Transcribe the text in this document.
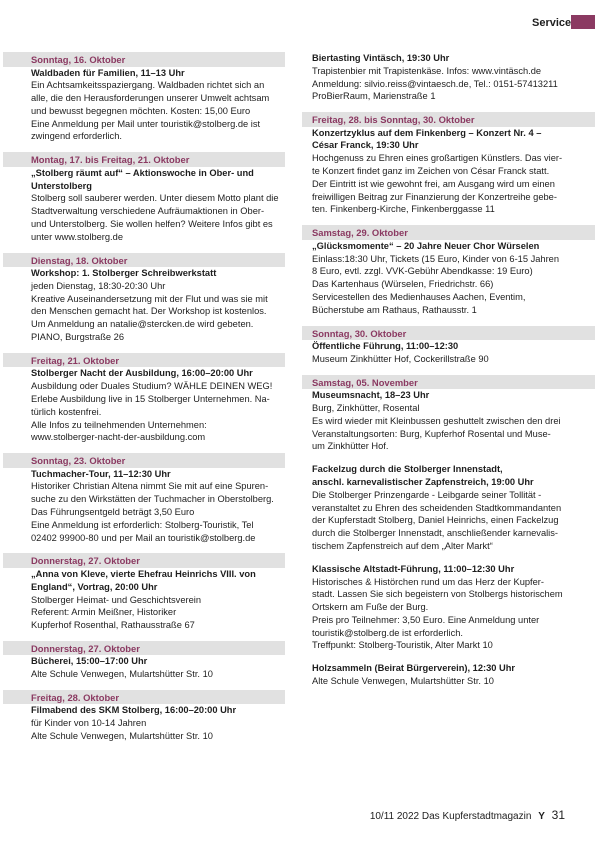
Service
Sonntag, 16. Oktober
Waldbaden für Familien, 11–13 Uhr
Ein Achtsamkeitsspaziergang. Waldbaden richtet sich an
alle, die den Herausforderungen unserer Umwelt achtsam
und bewusst begegnen möchten. Kosten: 15,00 Euro
Eine Anmeldung per Mail unter touristik@stolberg.de ist
zwingend erforderlich.
Montag, 17. bis Freitag, 21. Oktober
„Stolberg räumt auf“ – Aktionswoche in Ober- und
Unterstolberg
Stolberg soll sauberer werden. Unter diesem Motto plant die
Stadtverwaltung verschiedene Aufräumaktionen in Ober-
und Unterstolberg. Sie wollen helfen? Weitere Infos gibt es
unter www.stolberg.de
Dienstag, 18. Oktober
Workshop: 1. Stolberger Schreibwerkstatt
jeden Dienstag, 18:30-20:30 Uhr
Kreative Auseinandersetzung mit der Flut und was sie mit
den Menschen gemacht hat. Der Workshop ist kostenlos.
Um Anmeldung an natalie@stercken.de wird gebeten.
PIANO, Burgstraße 26
Freitag, 21. Oktober
Stolberger Nacht der Ausbildung, 16:00–20:00 Uhr
Ausbildung oder Duales Studium? WÄHLE DEINEN WEG!
Erlebe Ausbildung live in 15 Stolberger Unternehmen. Na-
türlich kostenfrei.
Alle Infos zu teilnehmenden Unternehmen:
www.stolberger-nacht-der-ausbildung.com
Sonntag, 23. Oktober
Tuchmacher-Tour, 11–12:30 Uhr
Historiker Christian Altena nimmt Sie mit auf eine Spuren-
suche zu den Wirkstätten der Tuchmacher in Oberstolberg.
Das Führungsentgeld beträgt 3,50 Euro
Eine Anmeldung ist erforderlich: Stolberg-Touristik, Tel
02402 99900-80 und per Mail an touristik@stolberg.de
Donnerstag, 27. Oktober
„Anna von Kleve, vierte Ehefrau Heinrichs VIII. von
England“, Vortrag, 20:00 Uhr
Stolberger Heimat- und Geschichtsverein
Referent: Armin Meißner, Historiker
Kupferhof Rosenthal, Rathausstraße 67
Donnerstag, 27. Oktober
Bücherei, 15:00–17:00 Uhr
Alte Schule Venwegen, Mulartshütter Str. 10
Freitag, 28. Oktober
Filmabend des SKM Stolberg, 16:00–20:00 Uhr
für Kinder von 10-14 Jahren
Alte Schule Venwegen, Mulartshütter Str. 10
Biertasting Vintäsch, 19:30 Uhr
Trapistenbier mit Trapistenkäse. Infos: www.vintäsch.de
Anmeldung: silvio.reiss@vintaesch.de, Tel.: 0151-57413211
ProBierRaum, Marienstraße 1
Freitag, 28. bis Sonntag, 30. Oktober
Konzertzyklus auf dem Finkenberg – Konzert Nr. 4 –
César Franck, 19:30 Uhr
Hochgenuss zu Ehren eines großartigen Künstlers. Das vier-
te Konzert findet ganz im Zeichen von César Franck statt.
Der Eintritt ist wie gewohnt frei, am Ausgang wird um einen
freiwilligen Beitrag zur Finanzierung der Konzertreihe gebe-
ten. Finkenberg-Kirche, Finkenberggasse 11
Samstag, 29. Oktober
„Glücksmomente“ – 20 Jahre Neuer Chor Würselen
Einlass:18:30 Uhr, Tickets (15 Euro, Kinder von 6-15 Jahren
8 Euro, evtl. zzgl. VVK-Gebühr Abendkasse: 19 Euro)
Das Kartenhaus (Würselen, Friedrichstr. 66)
Servicestellen des Medienhauses Aachen, Eventim,
Bücherstube am Rathaus, Rathausstr. 1
Sonntag, 30. Oktober
Öffentliche Führung, 11:00–12:30
Museum Zinkhütter Hof, Cockerillstraße 90
Samstag, 05. November
Museumsnacht, 18–23 Uhr
Burg, Zinkhütter, Rosental
Es wird wieder mit Kleinbussen geshuttelt zwischen den drei
Veranstaltungsorten: Burg, Kupferhof Rosental und Muse-
um Zinkhütter Hof.
Fackelzug durch die Stolberger Innenstadt,
anschl. karnevalistischer Zapfenstreich, 19:00 Uhr
Die Stolberger Prinzengarde - Leibgarde seiner Tollität -
veranstaltet zu Ehren des scheidenden Stadtkommandanten
der Kupferstadt Stolberg, Daniel Heinrichs, einen Fackelzug
durch die Stolberger Innenstadt, anschließender karnevalis-
tischem Zapfenstreich auf dem „Alter Markt“
Klassische Altstadt-Führung, 11:00–12:30 Uhr
Historisches & Histörchen rund um das Herz der Kupfer-
stadt. Lassen Sie sich begeistern von Stolbergs historischem
Ortskern am Fuße der Burg.
Preis pro Teilnehmer: 3,50 Euro. Eine Anmeldung unter
touristik@stolberg.de ist erforderlich.
Treffpunkt: Stolberg-Touristik, Alter Markt 10
Holzsammeln (Beirat Bürgerverein), 12:30 Uhr
Alte Schule Venwegen, Mulartshütter Str. 10
10/11 2022 Das Kupferstadtmagazin Y 31
